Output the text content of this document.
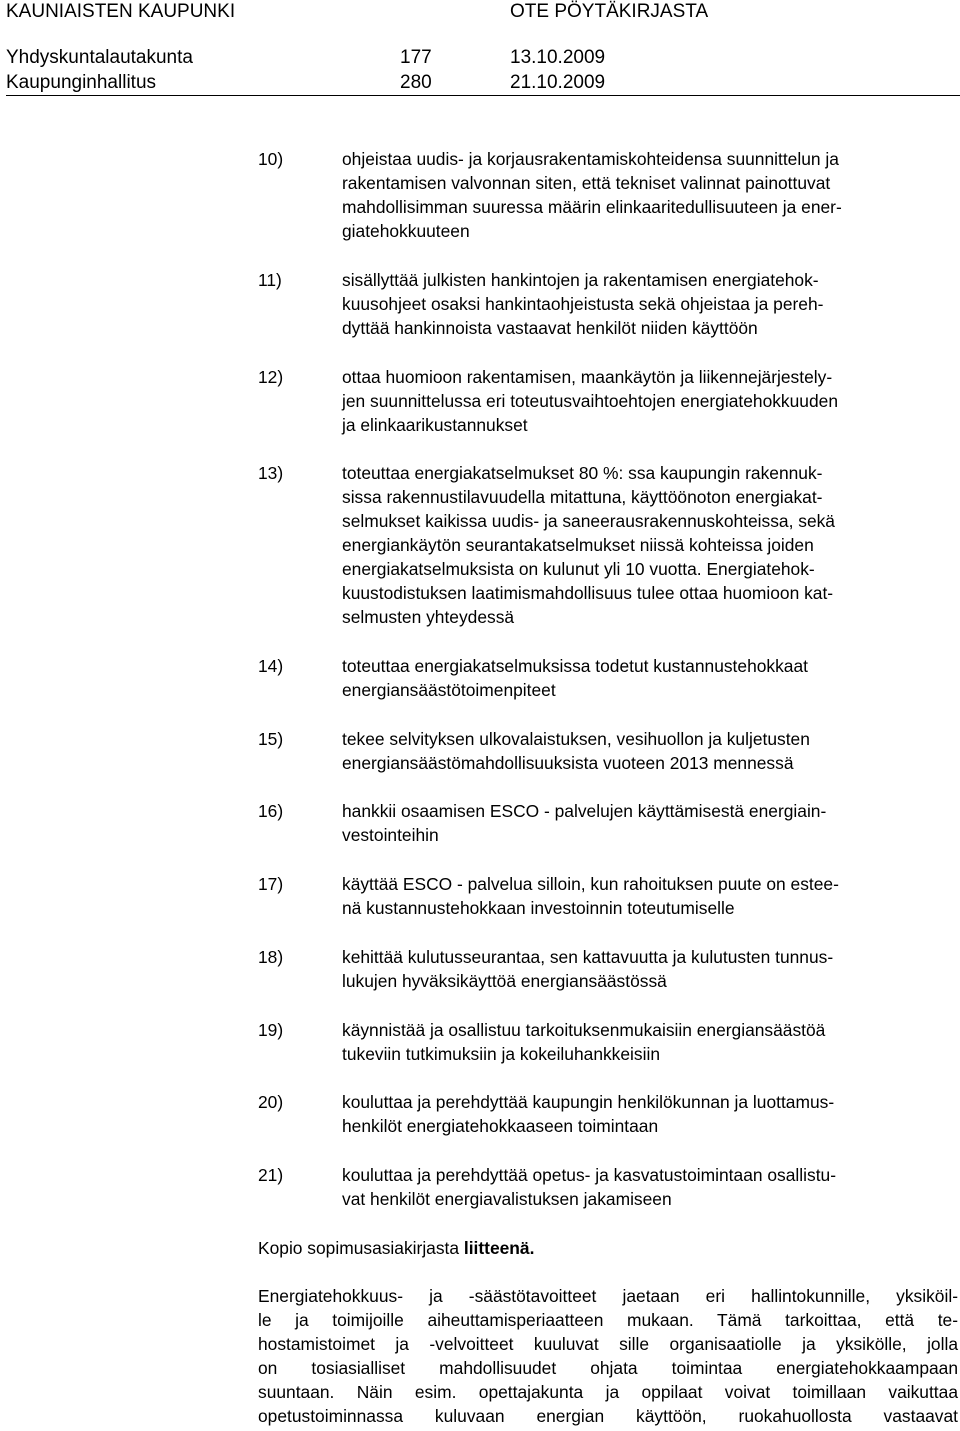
KAUNIAISTEN KAUPUNKI	OTE PÖYTÄKIRJASTA
Yhdyskuntalautakunta	177	13.10.2009
Kaupunginhallitus	280	21.10.2009
10)	ohjeistaa uudis- ja korjausrakentamiskohteidensa suunnittelun ja
rakentamisen valvonnan siten, että tekniset valinnat painottuvat
mahdollisimman suuressa määrin elinkaaritedullisuuteen ja ener-
giatehokkuuteen
11)	sisällyttää julkisten hankintojen ja rakentamisen energiatehok-
kuusohjeet osaksi hankintaohjeistusta sekä ohjeistaa ja pereh-
dyttää hankinnoista vastaavat henkilöt niiden käyttöön
12)	ottaa huomioon rakentamisen, maankäytön ja liikennejärjestely-
jen suunnittelussa eri toteutusvaihtoehtojen energiatehokkuuden
ja elinkaarikustannukset
13)	toteuttaa energiakatselmukset 80 %: ssa kaupungin rakennuk-
sissa rakennustilavuudella mitattuna, käyttöönoton energiakat-
selmukset kaikissa uudis- ja saneerausrakennuskohteissa, sekä
energiankäytön seurantakatselmukset niissä kohteissa joiden
energiakatselmuksista on kulunut yli 10 vuotta. Energiatehok-
kuustodistuksen laatimismahdollisuus tulee ottaa huomioon kat-
selmusten yhteydessä
14)	toteuttaa energiakatselmuksissa todetut kustannustehokkaat
energiansäästötoimenpiteet
15)	tekee selvityksen ulkovalaistuksen, vesihuollon ja kuljetusten
energiansäästömahdollisuuksista vuoteen 2013 mennessä
16)	hankkii osaamisen ESCO - palvelujen käyttämisestä energiain-
vestointeihin
17)	käyttää ESCO - palvelua silloin, kun rahoituksen puute on estee-
nä kustannustehokkaan investoinnin toteutumiselle
18)	kehittää kulutusseurantaa, sen kattavuutta ja kulutusten tunnus-
lukujen hyväksikäyttöä energiansäästössä
19)	käynnistää ja osallistuu tarkoituksenmukaisiin energiansäästöä
tukeviin tutkimuksiin ja kokeiluhankkeisiin
20)	kouluttaa ja perehdyttää kaupungin henkilökunnan ja luottamus-
henkilöt energiatehokkaaseen toimintaan
21)	kouluttaa ja perehdyttää opetus- ja kasvatustoimintaan osallistu-
vat henkilöt energiavalistuksen jakamiseen
Kopio sopimusasiakirjasta liitteenä.
Energiatehokkuus- ja -säästötavoitteet jaetaan eri hallintokunnille, yksiköil-
le ja toimijoille aiheuttamisperiaatteen mukaan. Tämä tarkoittaa, että te-
hostamistoimet ja -velvoitteet kuuluvat sille organisaatiolle ja yksikölle, jolla
on tosiasialliset mahdollisuudet ohjata toimintaa energiatehokkaampaan
suuntaan. Näin esim. opettajakunta ja oppilaat voivat toimillaan vaikuttaa
opetustoiminnassa kuluvaan energian käyttöön, ruokahuollosta vastaavat
